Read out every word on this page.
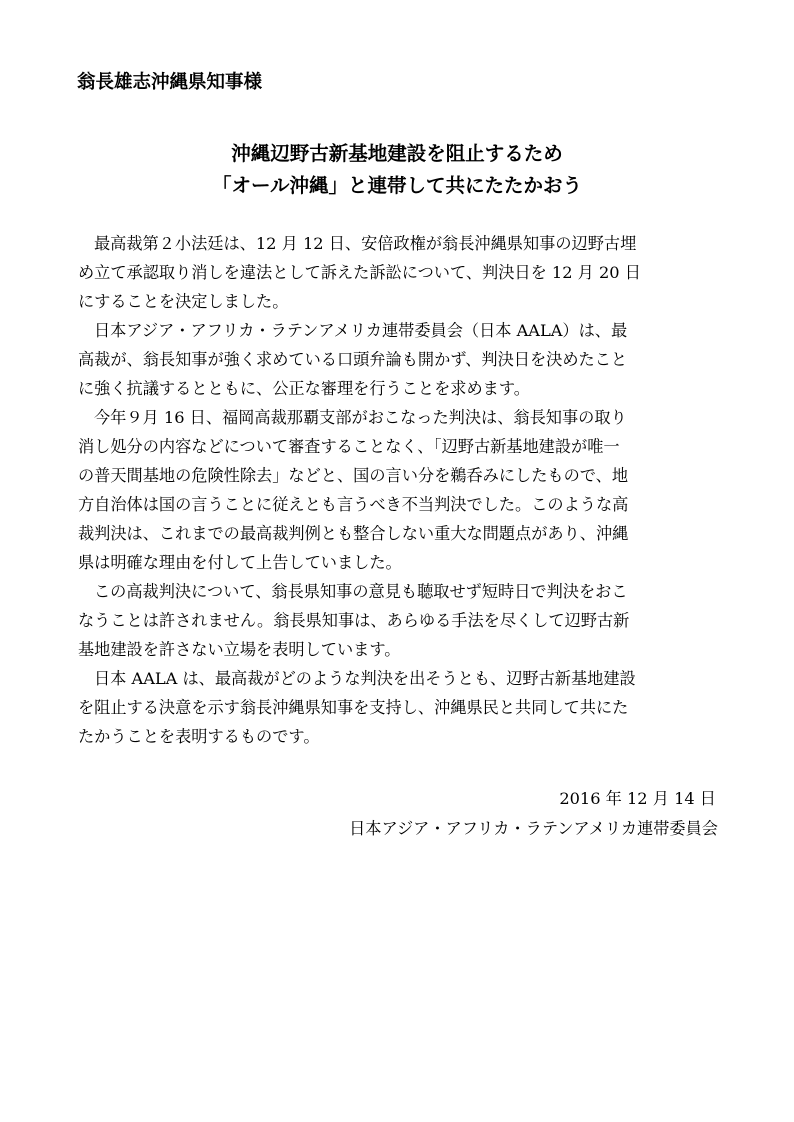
翁長雄志沖縄県知事様
沖縄辺野古新基地建設を阻止するため
「オール沖縄」と連帯して共にたたかおう
最高裁第２小法廷は、12 月 12 日、安倍政権が翁長沖縄県知事の辺野古埋
め立て承認取り消しを違法として訴えた訴訟について、判決日を 12 月 20 日
にすることを決定しました。
日本アジア・アフリカ・ラテンアメリカ連帯委員会（日本 AALA）は、最
高裁が、翁長知事が強く求めている口頭弁論も開かず、判決日を決めたこと
に強く抗議するとともに、公正な審理を行うことを求めます。
今年９月 16 日、福岡高裁那覇支部がおこなった判決は、翁長知事の取り
消し処分の内容などについて審査することなく、「辺野古新基地建設が唯一
の普天間基地の危険性除去」などと、国の言い分を鵜呑みにしたもので、地
方自治体は国の言うことに従えとも言うべき不当判決でした。このような高
裁判決は、これまでの最高裁判例とも整合しない重大な問題点があり、沖縄
県は明確な理由を付して上告していました。
この高裁判決について、翁長県知事の意見も聴取せず短時日で判決をおこ
なうことは許されません。翁長県知事は、あらゆる手法を尽くして辺野古新
基地建設を許さない立場を表明しています。
日本 AALA は、最高裁がどのような判決を出そうとも、辺野古新基地建設
を阻止する決意を示す翁長沖縄県知事を支持し、沖縄県民と共同して共にた
たかうことを表明するものです。
2016 年 12 月 14 日
日本アジア・アフリカ・ラテンアメリカ連帯委員会
